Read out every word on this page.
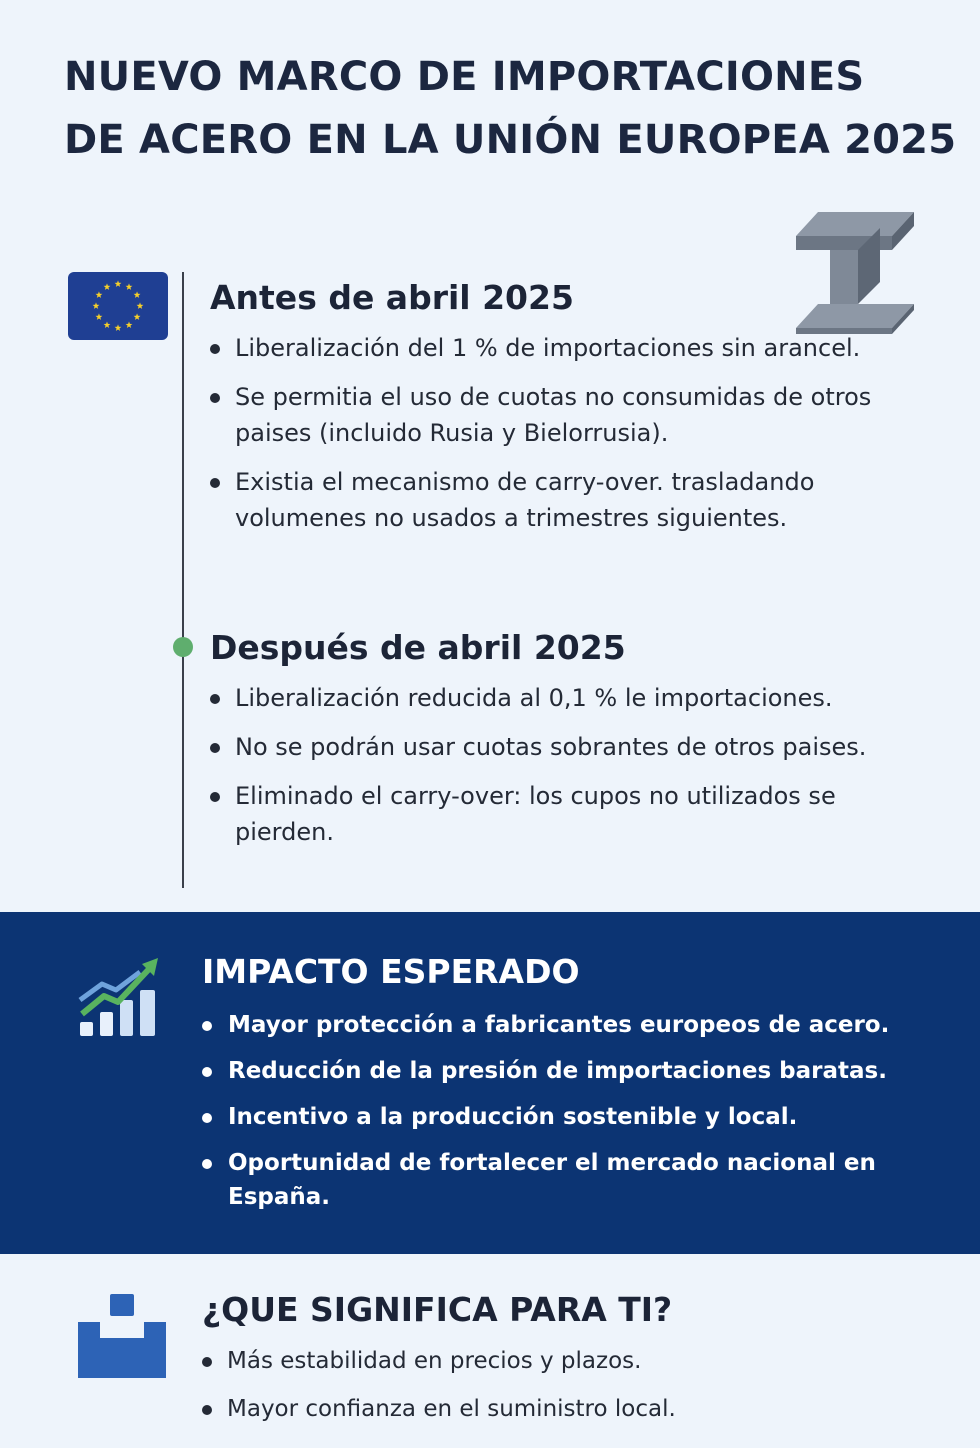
NUEVO MARCO DE IMPORTACIONES
DE ACERO EN LA UNIÓN EUROPEA 2025
Antes de abril 2025
Liberalización del 1 % de importaciones sin arancel.
Se permitia el uso de cuotas no consumidas de otros paises (incluido Rusia y Bielorrusia).
Existia el mecanismo de carry-over. trasladando volumenes no usados a trimestres siguientes.
Después de abril 2025
Liberalización reducida al 0,1 % le importaciones.
No se podrán usar cuotas sobrantes de otros paises.
Eliminado el carry-over: los cupos no utilizados se pierden.
IMPACTO ESPERADO
Mayor protección a fabricantes europeos de acero.
Reducción de la presión de importaciones baratas.
Incentivo a la producción sostenible y local.
Oportunidad de fortalecer el mercado nacional en España.
¿QUE SIGNIFICA PARA TI?
Más estabilidad en precios y plazos.
Mayor confianza en el suministro local.
